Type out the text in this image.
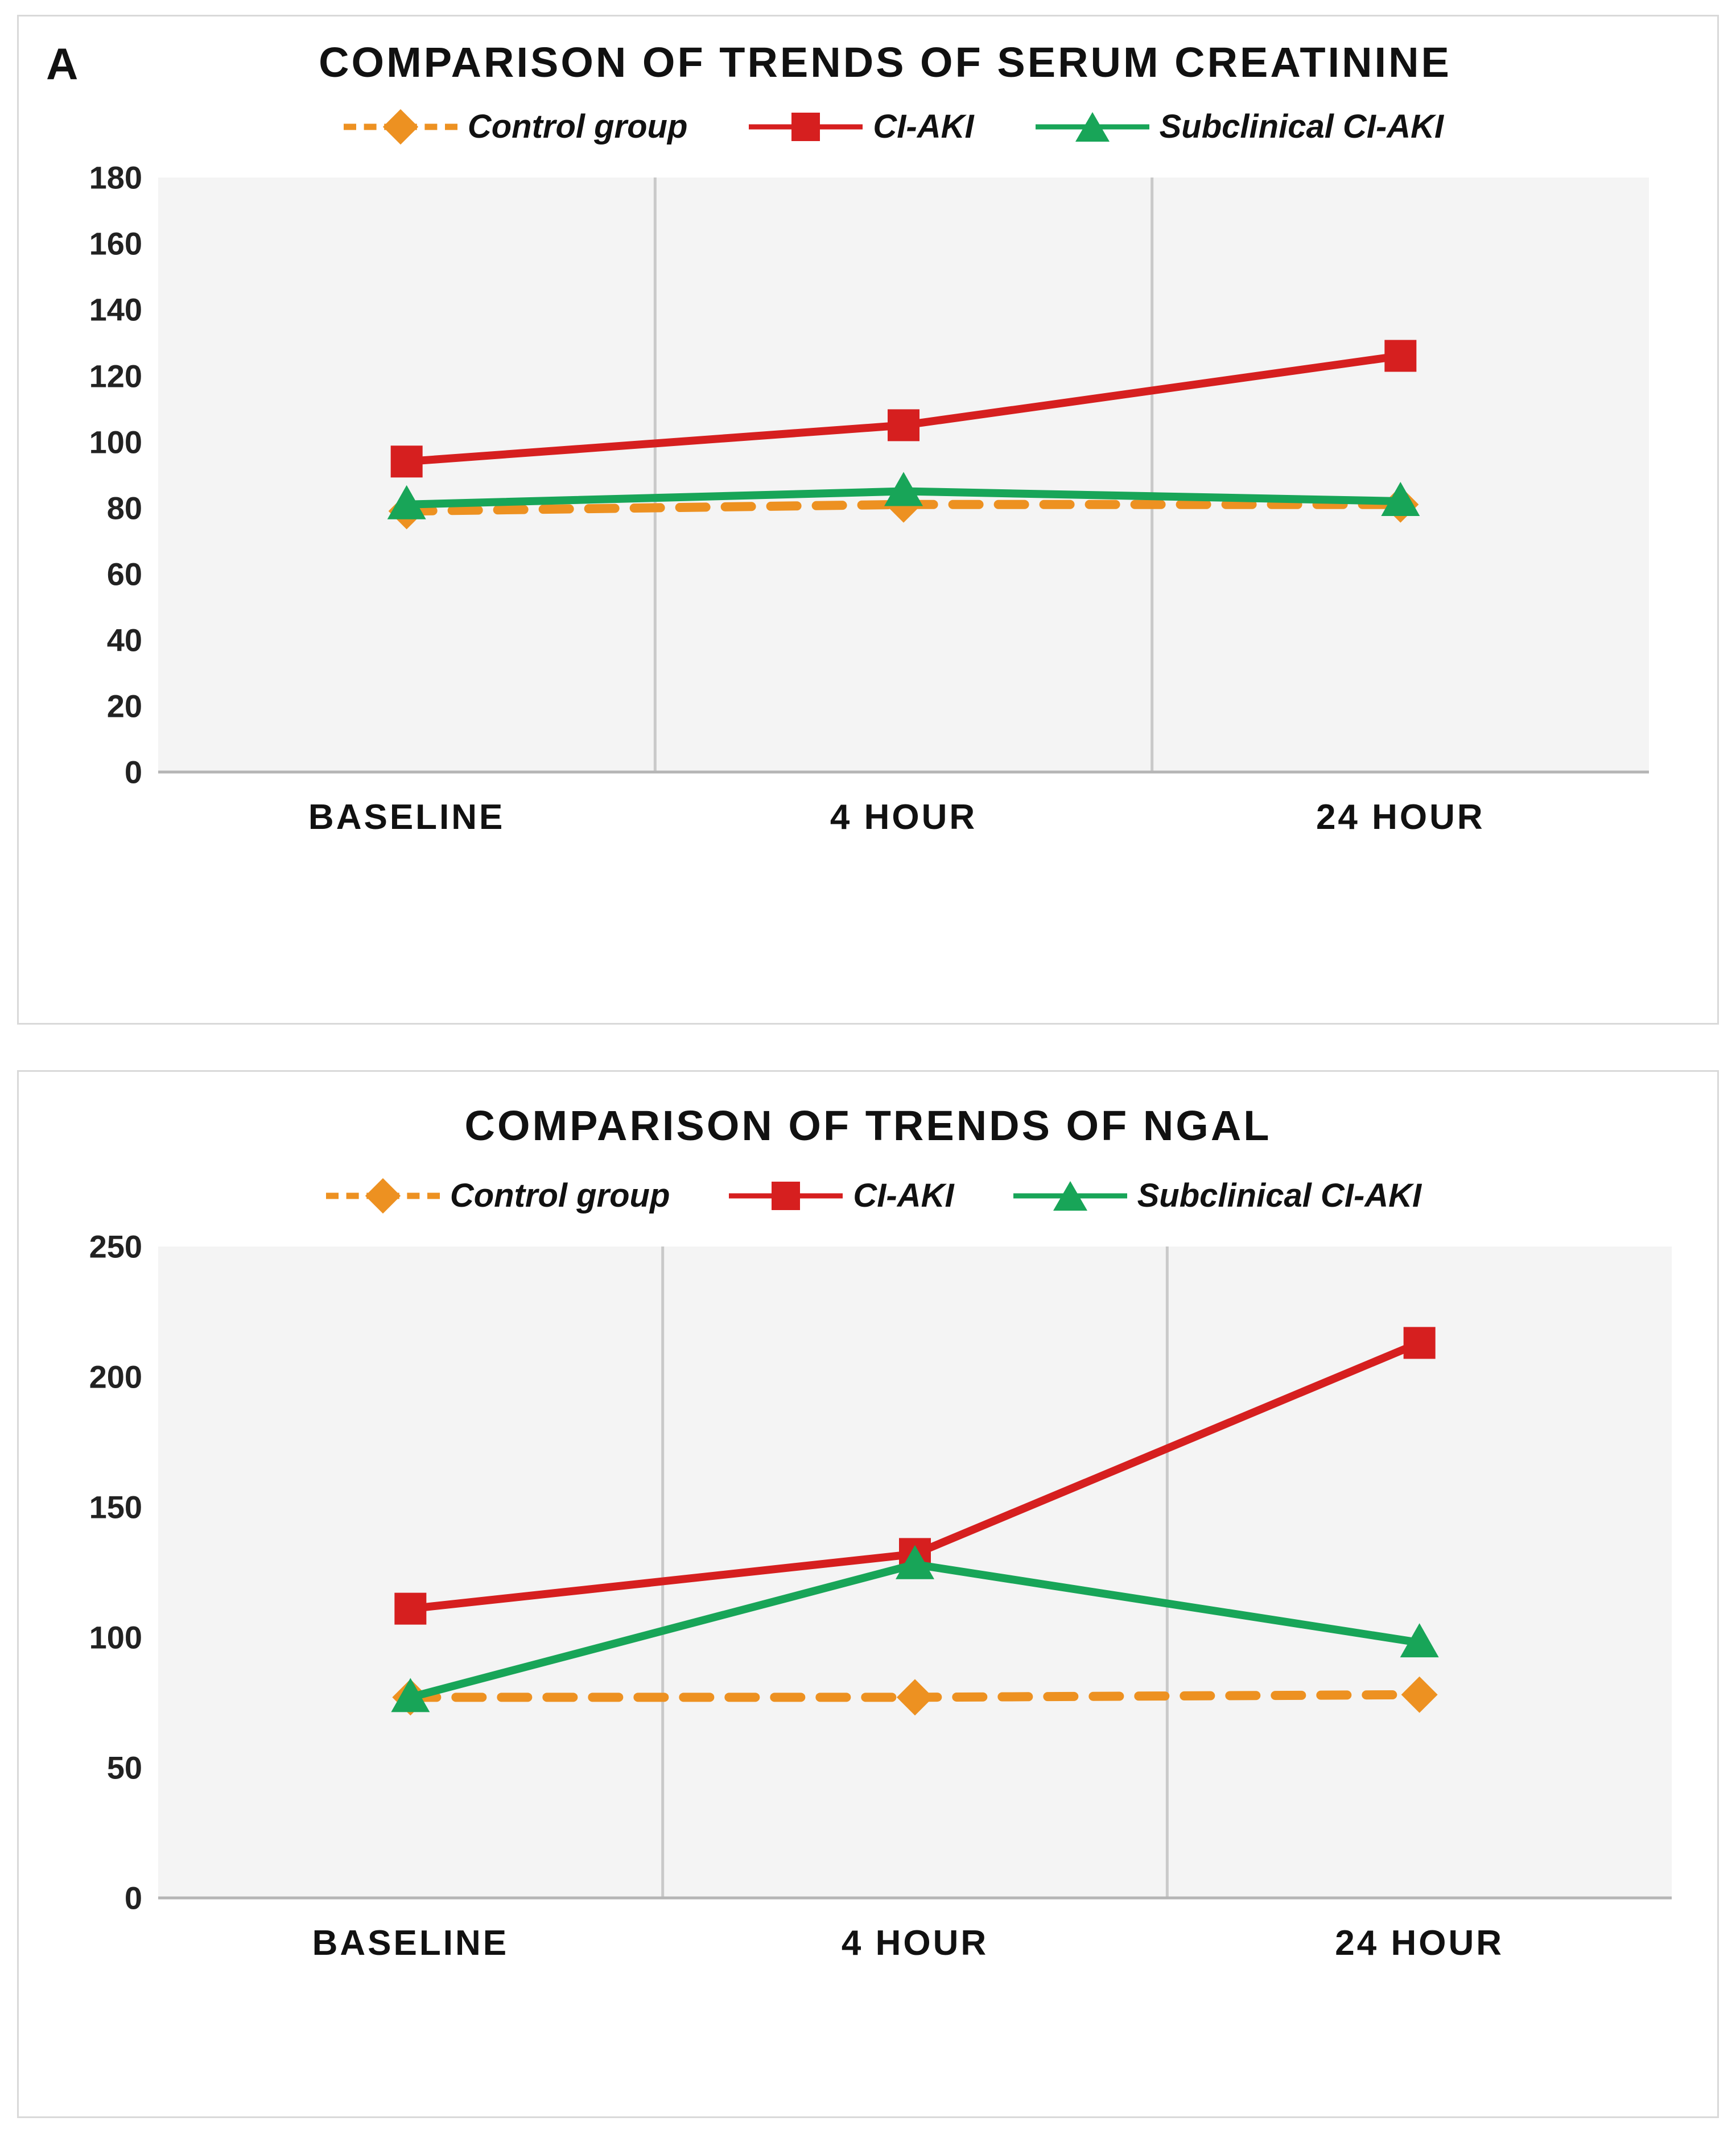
A	COMPARISON OF TRENDS OF SERUM CREATININE
Control group	CI-AKI	Subclinical CI-AKI
0
20
40
60
80
100
120
140
160
180
BASELINE	4 HOUR	24 HOUR
COMPARISON OF TRENDS OF NGAL
Control group	CI-AKI	Subclinical CI-AKI
0
50
100
150
200
250
BASELINE	4 HOUR	24 HOUR
